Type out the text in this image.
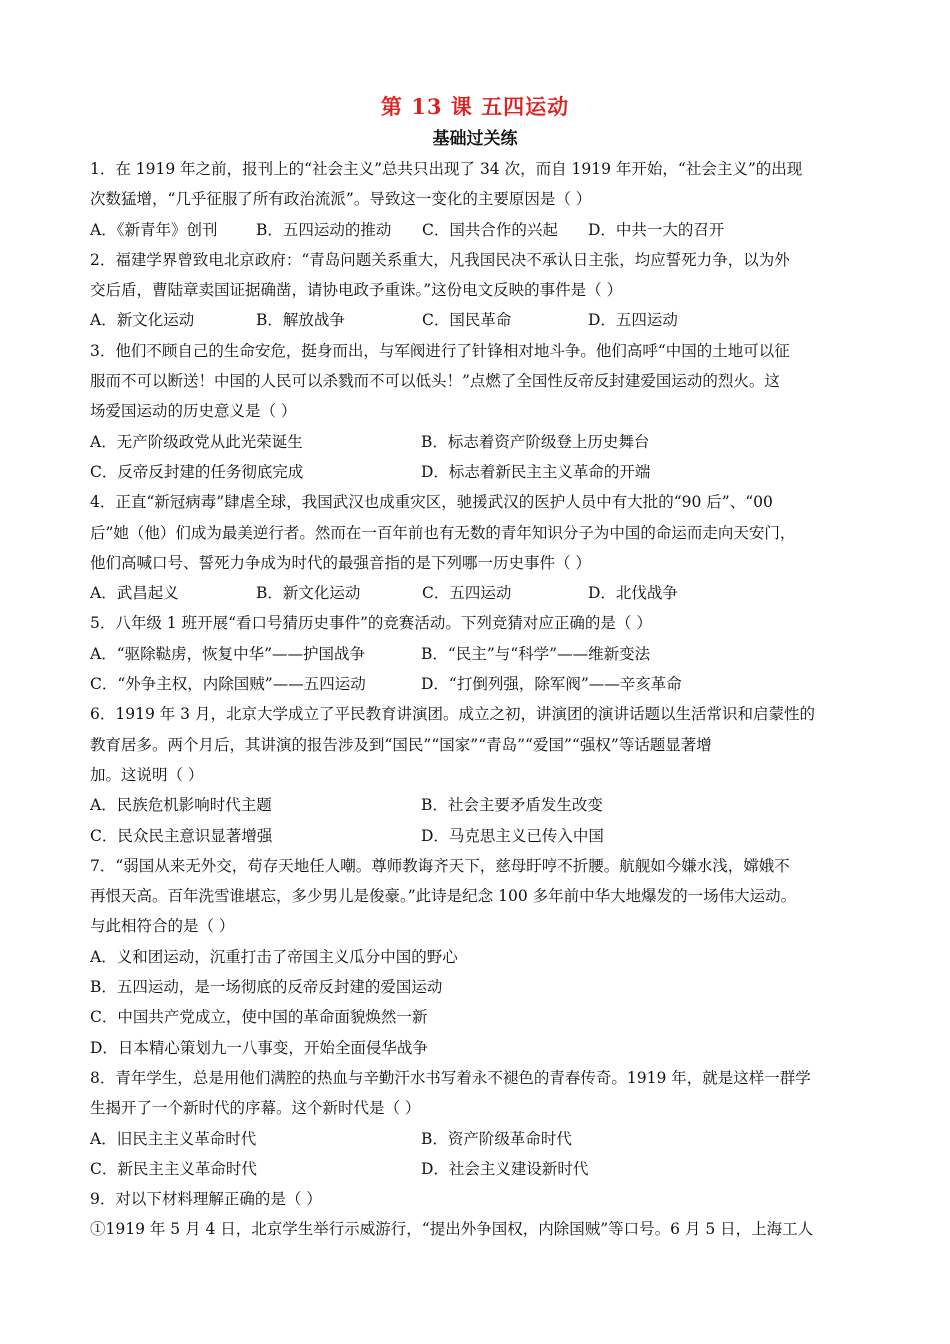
第 13 课 五四运动
基础过关练

1．在 1919 年之前，报刊上的“社会主义”总共只出现了 34 次，而自 1919 年开始，“社会主义”的出现

次数猛增，“几乎征服了所有政治流派”。导致这一变化的主要原因是（ ）

A．《新青年》创刊	B．五四运动的推动	C．国共合作的兴起	D．中共一大的召开

2．福建学界曾致电北京政府：“青岛问题关系重大，凡我国民决不承认日主张，均应誓死力争，以为外

交后盾，曹陆章卖国证据确凿，请协电政予重诛。”这份电文反映的事件是（ ）

A．新文化运动	B．解放战争	C．国民革命	D．五四运动

3．他们不顾自己的生命安危，挺身而出，与军阀进行了针锋相对地斗争。他们高呼“中国的土地可以征

服而不可以断送！中国的人民可以杀戮而不可以低头！”点燃了全国性反帝反封建爱国运动的烈火。这

场爱国运动的历史意义是（ ）

A．无产阶级政党从此光荣诞生	B．标志着资产阶级登上历史舞台
C．反帝反封建的任务彻底完成	D．标志着新民主主义革命的开端

4．正直“新冠病毒”肆虐全球，我国武汉也成重灾区，驰援武汉的医护人员中有大批的“90 后”、“00

后”她（他）们成为最美逆行者。然而在一百年前也有无数的青年知识分子为中国的命运而走向天安门，

他们高喊口号、誓死力争成为时代的最强音指的是下列哪一历史事件（ ）

A．武昌起义	B．新文化运动	C．五四运动	D．北伐战争

5．八年级 1 班开展“看口号猜历史事件”的竞赛活动。下列竞猜对应正确的是（ ）

A．“驱除鞑虏，恢复中华”——护国战争	B．“民主”与“科学”——维新变法
C．“外争主权，内除国贼”——五四运动	D．“打倒列强，除军阀”——辛亥革命

6．1919 年 3 月，北京大学成立了平民教育讲演团。成立之初，讲演团的演讲话题以生活常识和启蒙性的

教育居多。两个月后，其讲演的报告涉及到“国民”“国家”“青岛”“爱国”“强权”等话题显著增

加。这说明（ ）

A．民族危机影响时代主题	B．社会主要矛盾发生改变
C．民众民主意识显著增强	D．马克思主义已传入中国

7．“弱国从来无外交，苟存天地任人嘲。尊师教诲齐天下，慈母盱哼不折腰。航舰如今嫌水浅，嫦娥不

再恨天高。百年洗雪谁堪忘，多少男儿是俊豪。”此诗是纪念 100 多年前中华大地爆发的一场伟大运动。

与此相符合的是（ ）

A．义和团运动，沉重打击了帝国主义瓜分中国的野心

B．五四运动，是一场彻底的反帝反封建的爱国运动

C．中国共产党成立，使中国的革命面貌焕然一新

D．日本精心策划九一八事变，开始全面侵华战争

8．青年学生，总是用他们满腔的热血与辛勤汗水书写着永不褪色的青春传奇。1919 年，就是这样一群学

生揭开了一个新时代的序幕。这个新时代是（ ）

A．旧民主主义革命时代	B．资产阶级革命时代
C．新民主主义革命时代	D．社会主义建设新时代

9．对以下材料理解正确的是（ ）

①1919 年 5 月 4 日，北京学生举行示威游行，“提出外争国权，内除国贼”等口号。6 月 5 日，上海工人
